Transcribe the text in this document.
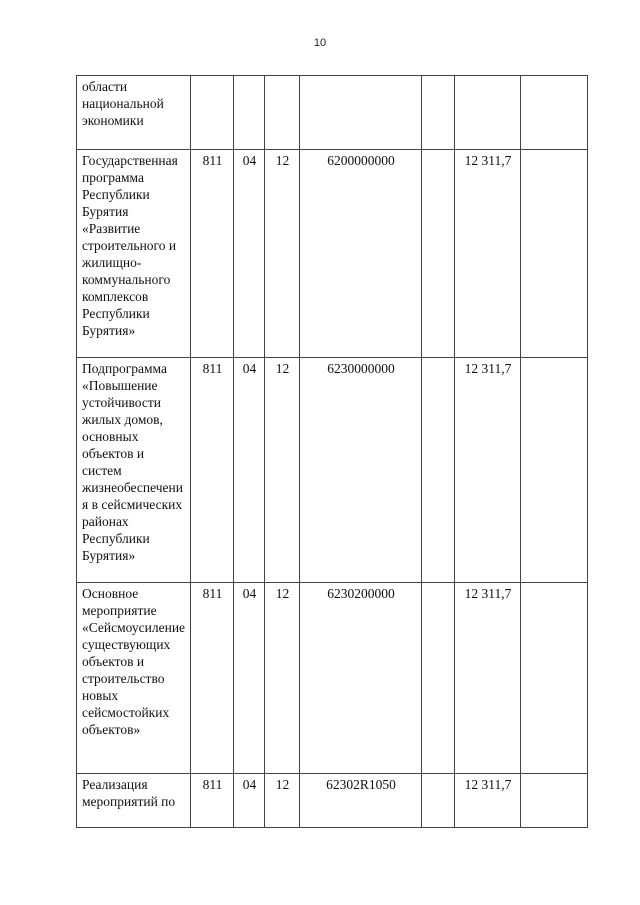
10
области национальной экономики							
Государственная программа Республики Бурятия «Развитие строительного и жилищно-коммунального комплексов Республики Бурятия»	811	04	12	6200000000		12 311,7	
Подпрограмма «Повышение устойчивости жилых домов, основных объектов и систем жизнеобеспечения в сейсмических районах Республики Бурятия»	811	04	12	6230000000		12 311,7	
Основное мероприятие «Сейсмоусиление существующих объектов и строительство новых сейсмостойких объектов»	811	04	12	6230200000		12 311,7	
Реализация мероприятий по	811	04	12	62302R1050		12 311,7	
